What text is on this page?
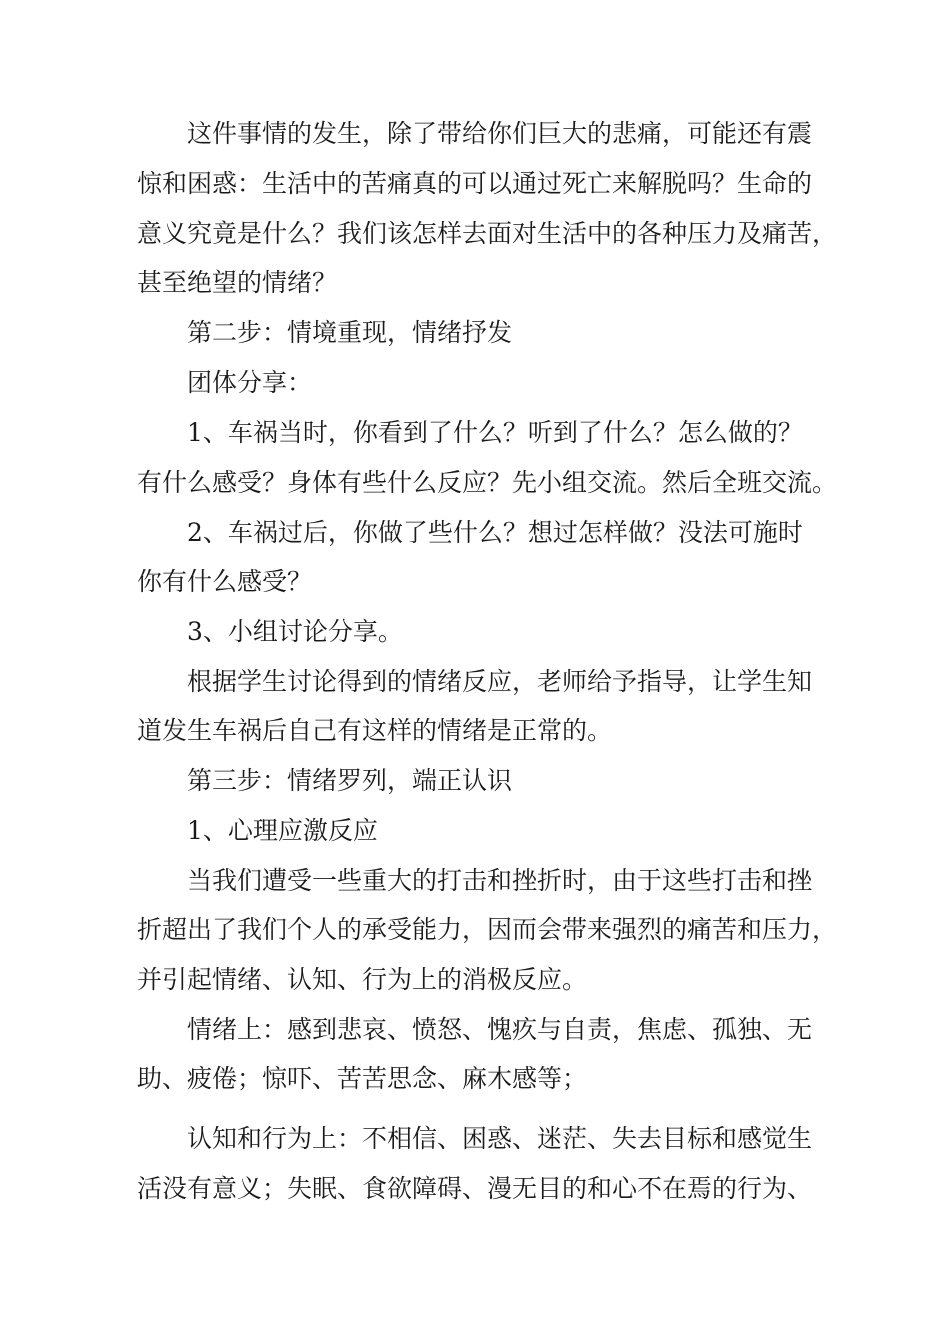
这件事情的发生，除了带给你们巨大的悲痛，可能还有震

惊和困惑：生活中的苦痛真的可以通过死亡来解脱吗？生命的

意义究竟是什么？我们该怎样去面对生活中的各种压力及痛苦，

甚至绝望的情绪？

第二步：情境重现，情绪抒发

团体分享：

1、车祸当时，你看到了什么？听到了什么？怎么做的？

有什么感受？身体有些什么反应？先小组交流。然后全班交流。

2、车祸过后，你做了些什么？想过怎样做？没法可施时

你有什么感受？

3、小组讨论分享。

根据学生讨论得到的情绪反应，老师给予指导，让学生知

道发生车祸后自己有这样的情绪是正常的。

第三步：情绪罗列，端正认识

1、心理应激反应

当我们遭受一些重大的打击和挫折时，由于这些打击和挫

折超出了我们个人的承受能力，因而会带来强烈的痛苦和压力，

并引起情绪、认知、行为上的消极反应。

情绪上：感到悲哀、愤怒、愧疚与自责，焦虑、孤独、无

助、疲倦；惊吓、苦苦思念、麻木感等；

认知和行为上：不相信、困惑、迷茫、失去目标和感觉生

活没有意义；失眠、食欲障碍、漫无目的和心不在焉的行为、
